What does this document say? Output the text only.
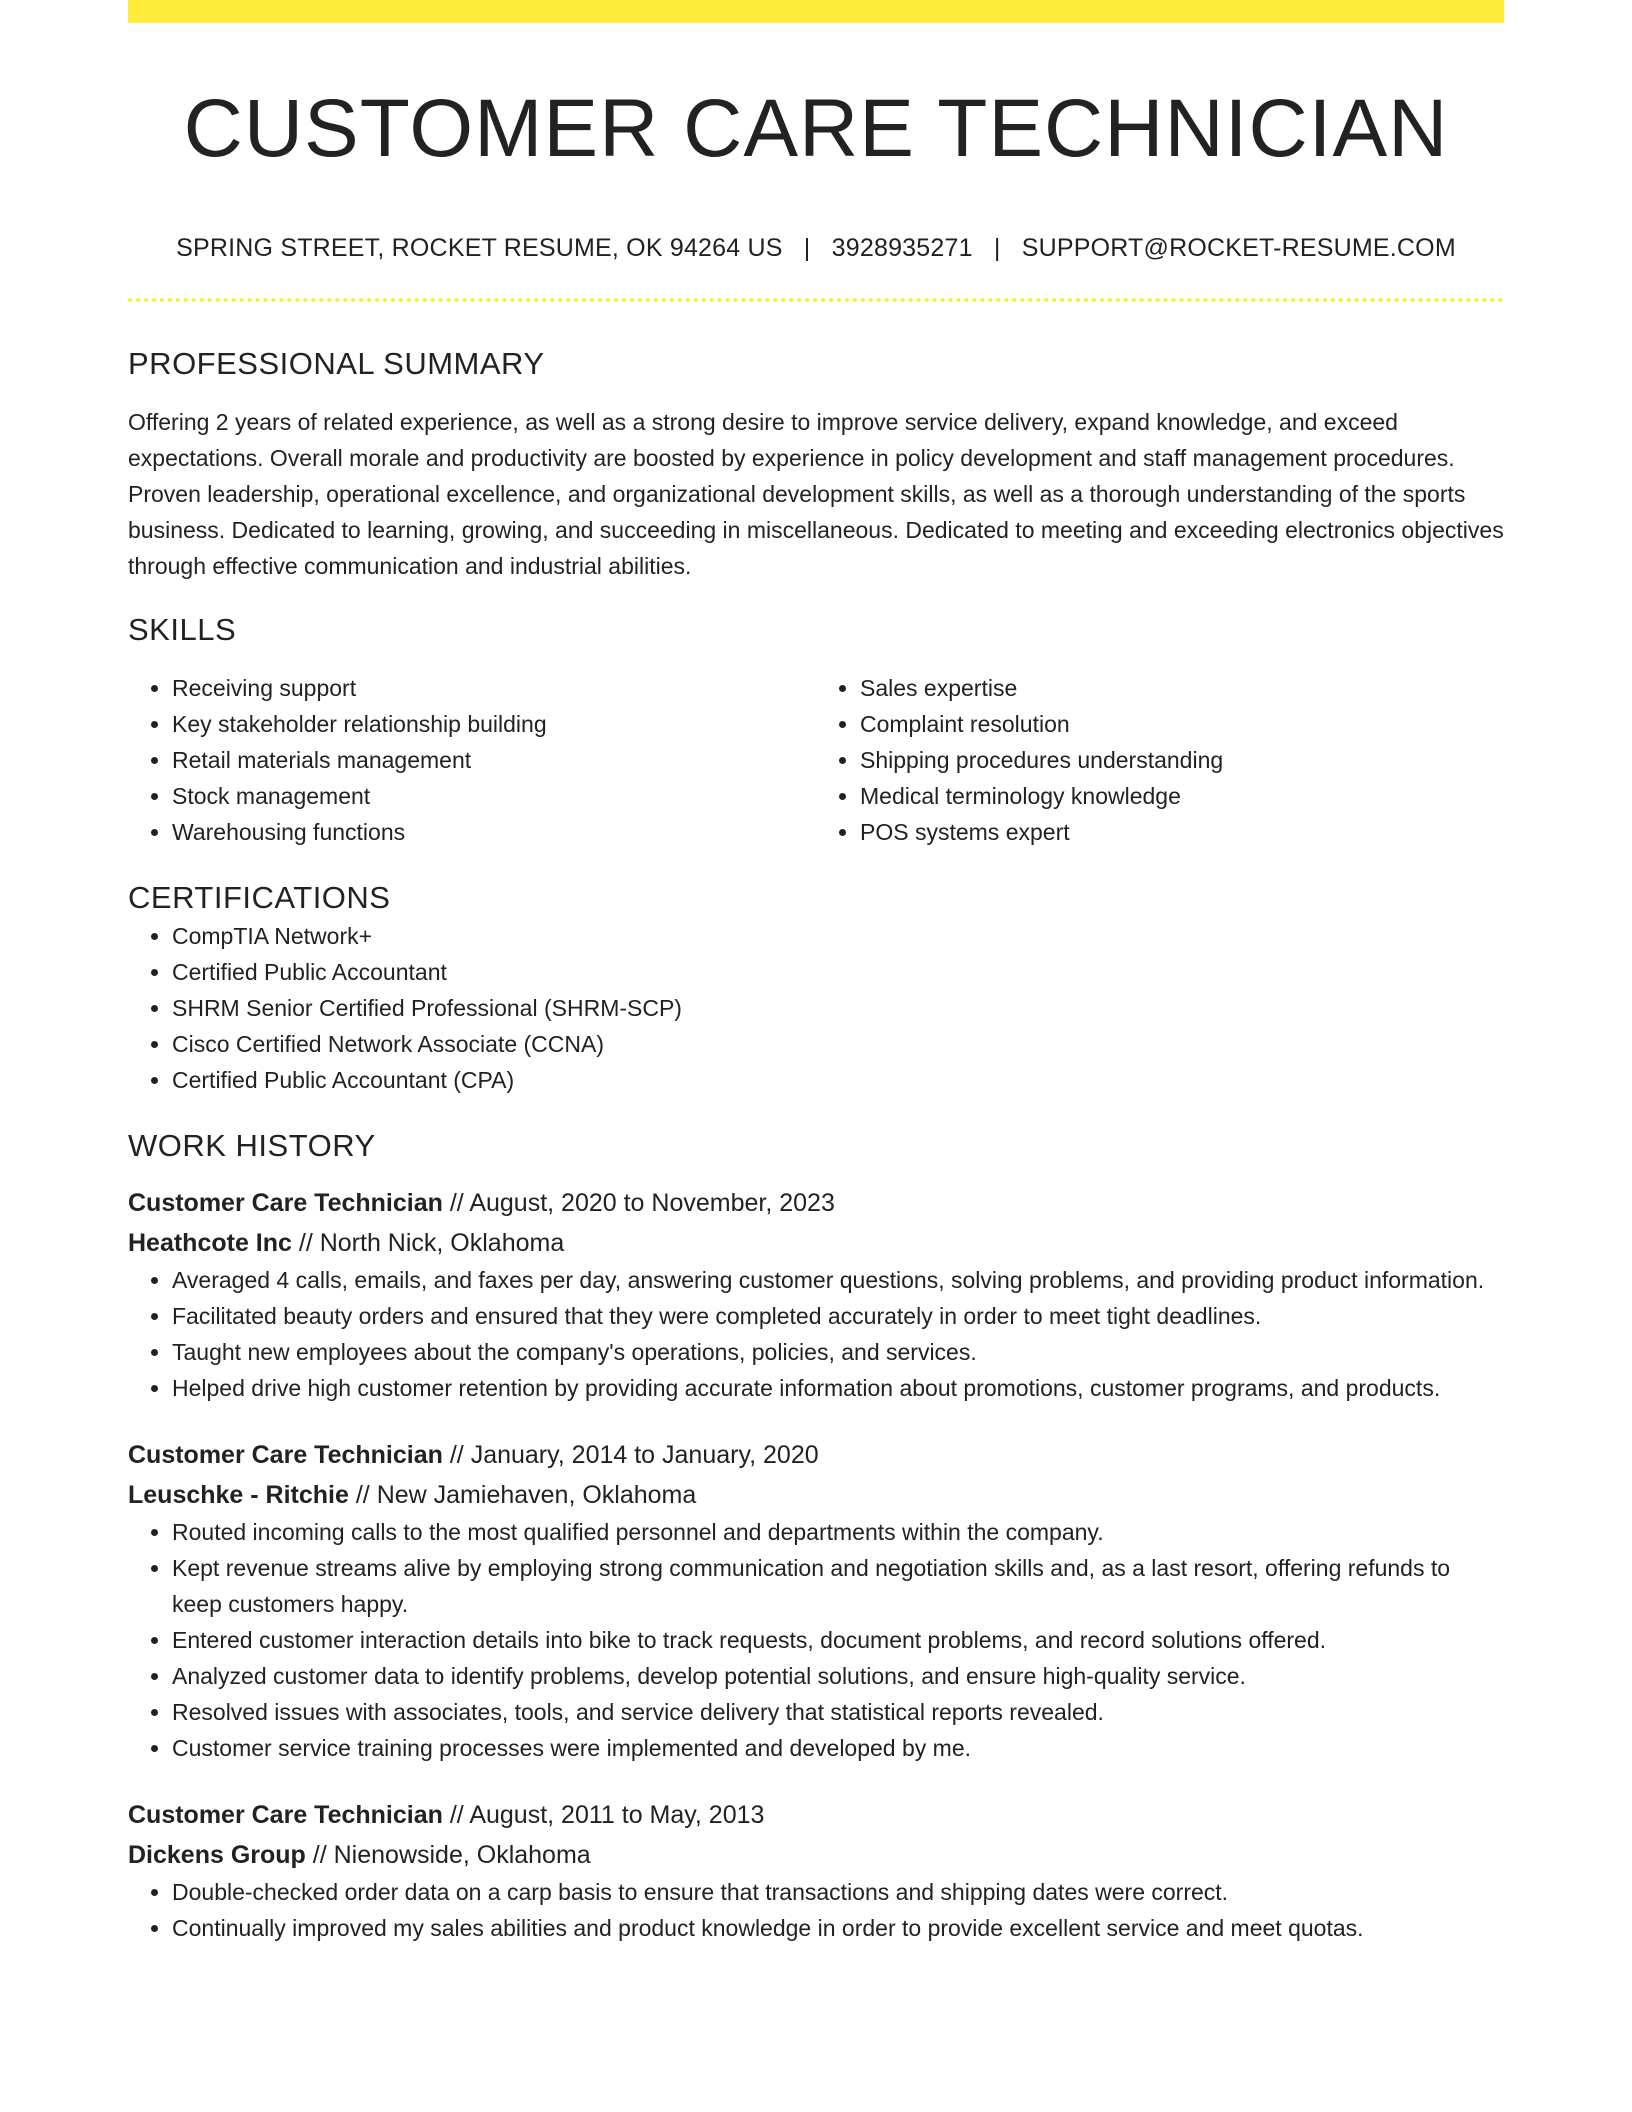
CUSTOMER CARE TECHNICIAN
SPRING STREET, ROCKET RESUME, OK 94264 US | 3928935271 | SUPPORT@ROCKET-RESUME.COM
PROFESSIONAL SUMMARY
Offering 2 years of related experience, as well as a strong desire to improve service delivery, expand knowledge, and exceed expectations. Overall morale and productivity are boosted by experience in policy development and staff management procedures. Proven leadership, operational excellence, and organizational development skills, as well as a thorough understanding of the sports business. Dedicated to learning, growing, and succeeding in miscellaneous. Dedicated to meeting and exceeding electronics objectives through effective communication and industrial abilities.
SKILLS
• Receiving support
• Key stakeholder relationship building
• Retail materials management
• Stock management
• Warehousing functions
• Sales expertise
• Complaint resolution
• Shipping procedures understanding
• Medical terminology knowledge
• POS systems expert
CERTIFICATIONS
• CompTIA Network+
• Certified Public Accountant
• SHRM Senior Certified Professional (SHRM-SCP)
• Cisco Certified Network Associate (CCNA)
• Certified Public Accountant (CPA)
WORK HISTORY
Customer Care Technician // August, 2020 to November, 2023
Heathcote Inc // North Nick, Oklahoma
• Averaged 4 calls, emails, and faxes per day, answering customer questions, solving problems, and providing product information.
• Facilitated beauty orders and ensured that they were completed accurately in order to meet tight deadlines.
• Taught new employees about the company's operations, policies, and services.
• Helped drive high customer retention by providing accurate information about promotions, customer programs, and products.
Customer Care Technician // January, 2014 to January, 2020
Leuschke - Ritchie // New Jamiehaven, Oklahoma
• Routed incoming calls to the most qualified personnel and departments within the company.
• Kept revenue streams alive by employing strong communication and negotiation skills and, as a last resort, offering refunds to keep customers happy.
• Entered customer interaction details into bike to track requests, document problems, and record solutions offered.
• Analyzed customer data to identify problems, develop potential solutions, and ensure high-quality service.
• Resolved issues with associates, tools, and service delivery that statistical reports revealed.
• Customer service training processes were implemented and developed by me.
Customer Care Technician // August, 2011 to May, 2013
Dickens Group // Nienowside, Oklahoma
• Double-checked order data on a carp basis to ensure that transactions and shipping dates were correct.
• Continually improved my sales abilities and product knowledge in order to provide excellent service and meet quotas.
